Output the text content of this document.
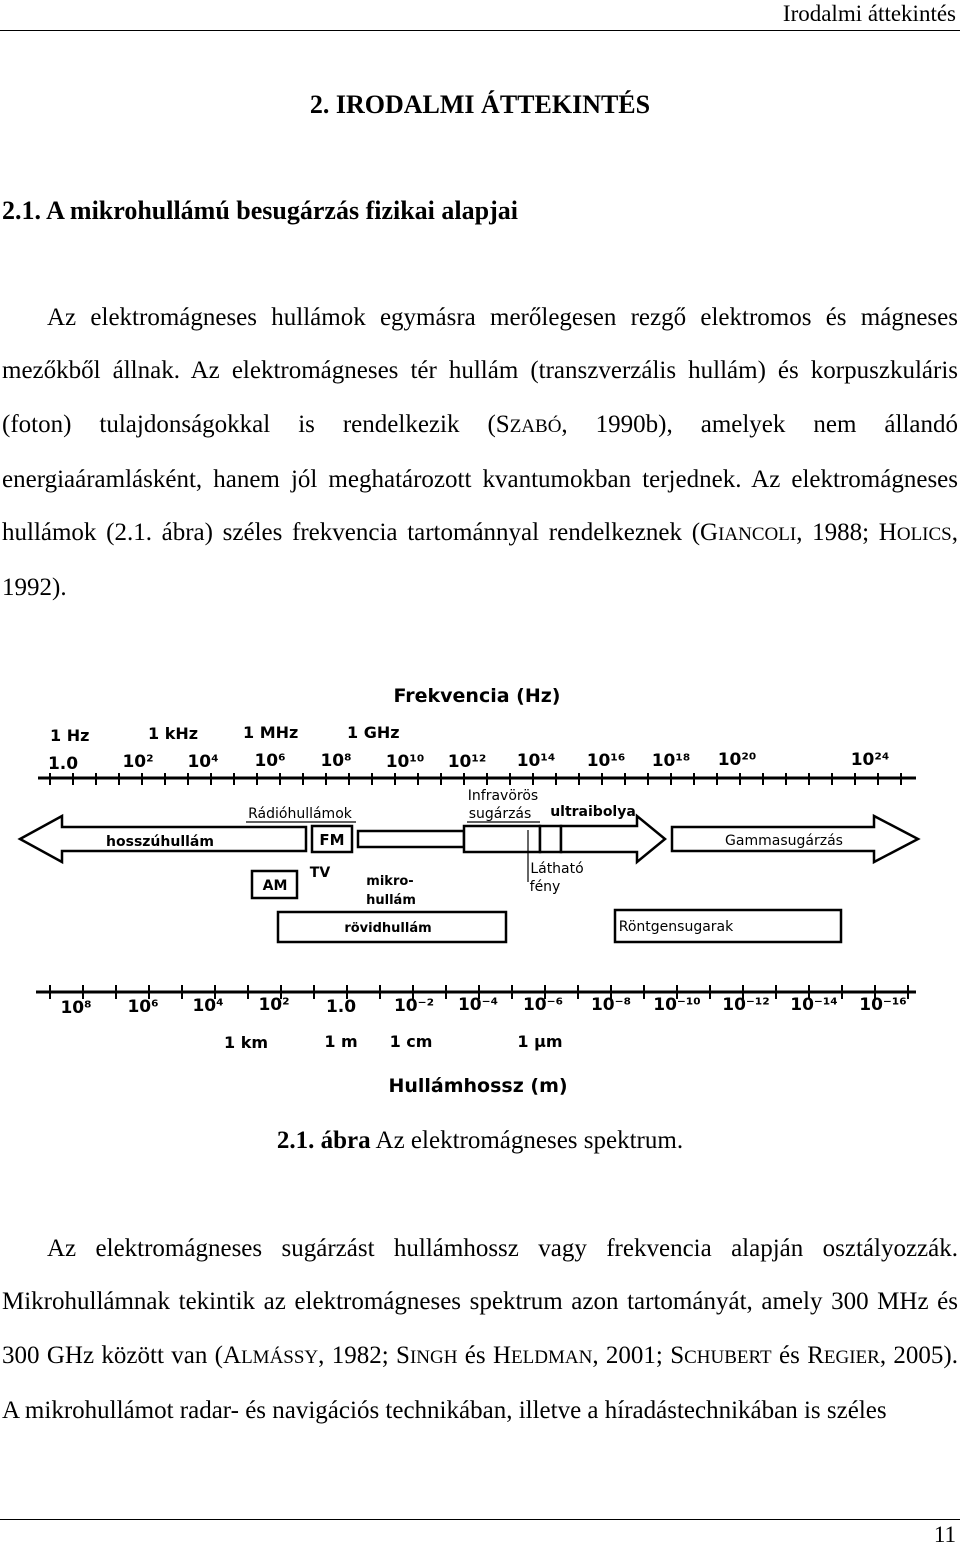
Irodalmi áttekintés
2. IRODALMI ÁTTEKINTÉS
2.1. A mikrohullámú besugárzás fizikai alapjai

Az elektromágneses hullámok egymásra merőlegesen rezgő elektromos és mágneses mezőkből állnak. Az elektromágneses tér hullám (transzverzális hullám) és korpuszkuláris (foton) tulajdonságokkal is rendelkezik (SZABÓ, 1990b), amelyek nem állandó energiaáramlásként, hanem jól meghatározott kvantumokban terjednek. Az elektromágneses hullámok (2.1. ábra) széles frekvencia tartománnyal rendelkeznek (GIANCOLI, 1988; HOLICS, 1992).

Frekvencia (Hz)
1 Hz	1 kHz	1 MHz	1 GHz
1.0	10² 10⁴ 10⁶ 10⁸ 10¹⁰ 10¹² 10¹⁴ 10¹⁶ 10¹⁸ 10²⁰	10²⁴
Rádióhullámok
Infravörös
sugárzás ultraibolya
hosszúhullám	FM	Gammasugárzás
Látható
fény
AM
TV
mikro-
hullám
rövidhullám	Röntgensugarak
10⁸ 10⁶ 10⁴ 10² 1.0 10⁻² 10⁻⁴ 10⁻⁶ 10⁻⁸ 10⁻¹⁰ 10⁻¹² 10⁻¹⁴ 10⁻¹⁶
1 km	1 m 1 cm	1 μm
Hullámhossz (m)
2.1. ábra Az elektromágneses spektrum.

Az elektromágneses sugárzást hullámhossz vagy frekvencia alapján osztályozzák. Mikrohullámnak tekintik az elektromágneses spektrum azon tartományát, amely 300 MHz és 300 GHz között van (ALMÁSSY, 1982; SINGH és HELDMAN, 2001; SCHUBERT és REGIER, 2005). A mikrohullámot radar- és navigációs technikában, illetve a híradástechnikában is széles

11
